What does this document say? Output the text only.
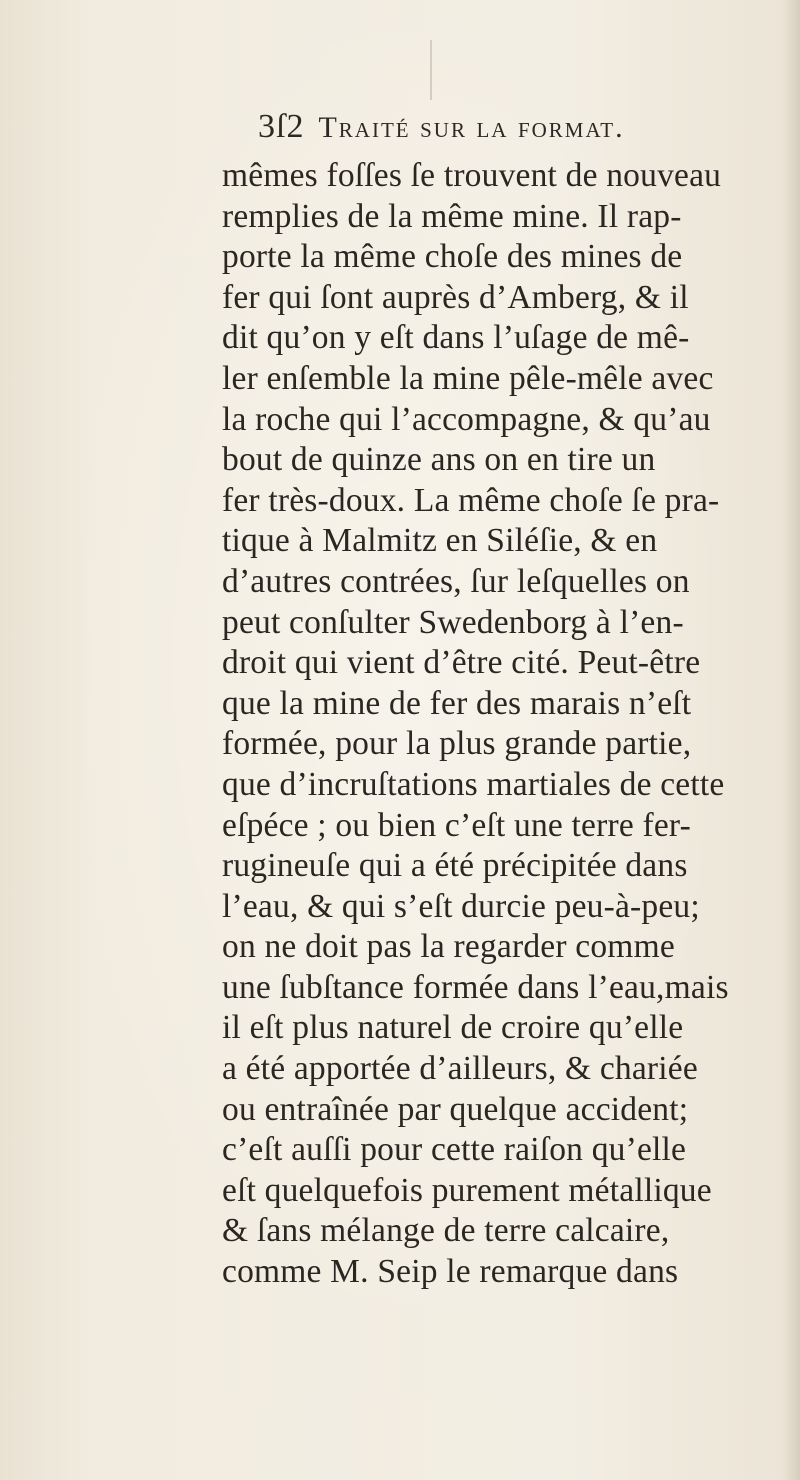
3ſ2 Traité sur la format.
mêmes foſſes ſe trouvent de nouveau
remplies de la même mine. Il rap-
porte la même choſe des mines de
fer qui ſont auprès d’Amberg, & il
dit qu’on y eſt dans l’uſage de mê-
ler enſemble la mine pêle-mêle avec
la roche qui l’accompagne, & qu’au
bout de quinze ans on en tire un
fer très-doux. La même choſe ſe pra-
tique à Malmitz en Siléſie, & en
d’autres contrées, ſur leſquelles on
peut conſulter Swedenborg à l’en-
droit qui vient d’être cité. Peut-être
que la mine de fer des marais n’eſt
formée, pour la plus grande partie,
que d’incruſtations martiales de cette
eſpéce ; ou bien c’eſt une terre fer-
rugineuſe qui a été précipitée dans
l’eau, & qui s’eſt durcie peu-à-peu;
on ne doit pas la regarder comme
une ſubſtance formée dans l’eau,mais
il eſt plus naturel de croire qu’elle
a été apportée d’ailleurs, & chariée
ou entraînée par quelque accident;
c’eſt auſſi pour cette raiſon qu’elle
eſt quelquefois purement métallique
& ſans mélange de terre calcaire,
comme M. Seip le remarque dans
